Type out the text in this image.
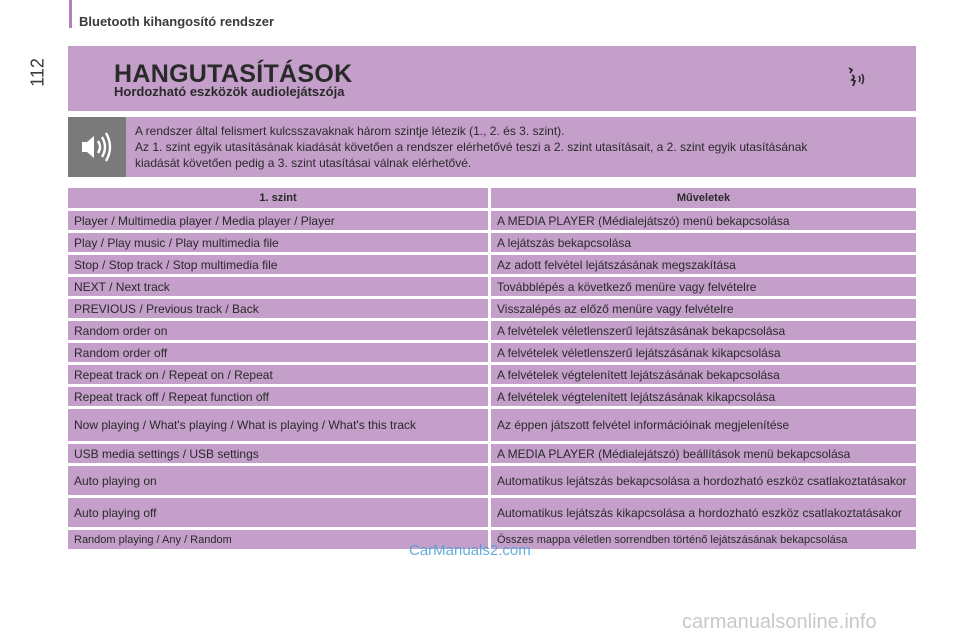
Bluetooth kihangosító rendszer
112	HANGUTASÍTÁSOK
Hordozható eszközök audiolejátszója
A rendszer által felismert kulcsszavaknak három szintje létezik (1., 2. és 3. szint).
Az 1. szint egyik utasításának kiadását követően a rendszer elérhetővé teszi a 2. szint utasításait, a 2. szint egyik utasításának
kiadását követően pedig a 3. szint utasításai válnak elérhetővé.
1. szint	Műveletek
Player / Multimedia player / Media player / Player	A MEDIA PLAYER (Médialejátszó) menü bekapcsolása
Play / Play music / Play multimedia file	A lejátszás bekapcsolása
Stop / Stop track / Stop multimedia file	Az adott felvétel lejátszásának megszakítása
NEXT / Next track	Továbblépés a következő menüre vagy felvételre
PREVIOUS / Previous track / Back	Visszalépés az előző menüre vagy felvételre
Random order on	A felvételek véletlenszerű lejátszásának bekapcsolása
Random order off	A felvételek véletlenszerű lejátszásának kikapcsolása
Repeat track on / Repeat on / Repeat	A felvételek végtelenített lejátszásának bekapcsolása
Repeat track off / Repeat function off	A felvételek végtelenített lejátszásának kikapcsolása
Now playing / What's playing / What is playing / What's this track	Az éppen játszott felvétel információinak megjelenítése
USB media settings / USB settings	A MEDIA PLAYER (Médialejátszó) beállítások menü bekapcsolása
Auto playing on	Automatikus lejátszás bekapcsolása a hordozható eszköz csatlakoztatásakor
Auto playing off	Automatikus lejátszás kikapcsolása a hordozható eszköz csatlakoztatásakor
Random playing / Any / Random	Összes mappa véletlen sorrendben történő lejátszásának bekapcsolása
CarManuals2.com
carmanualsonline.info
